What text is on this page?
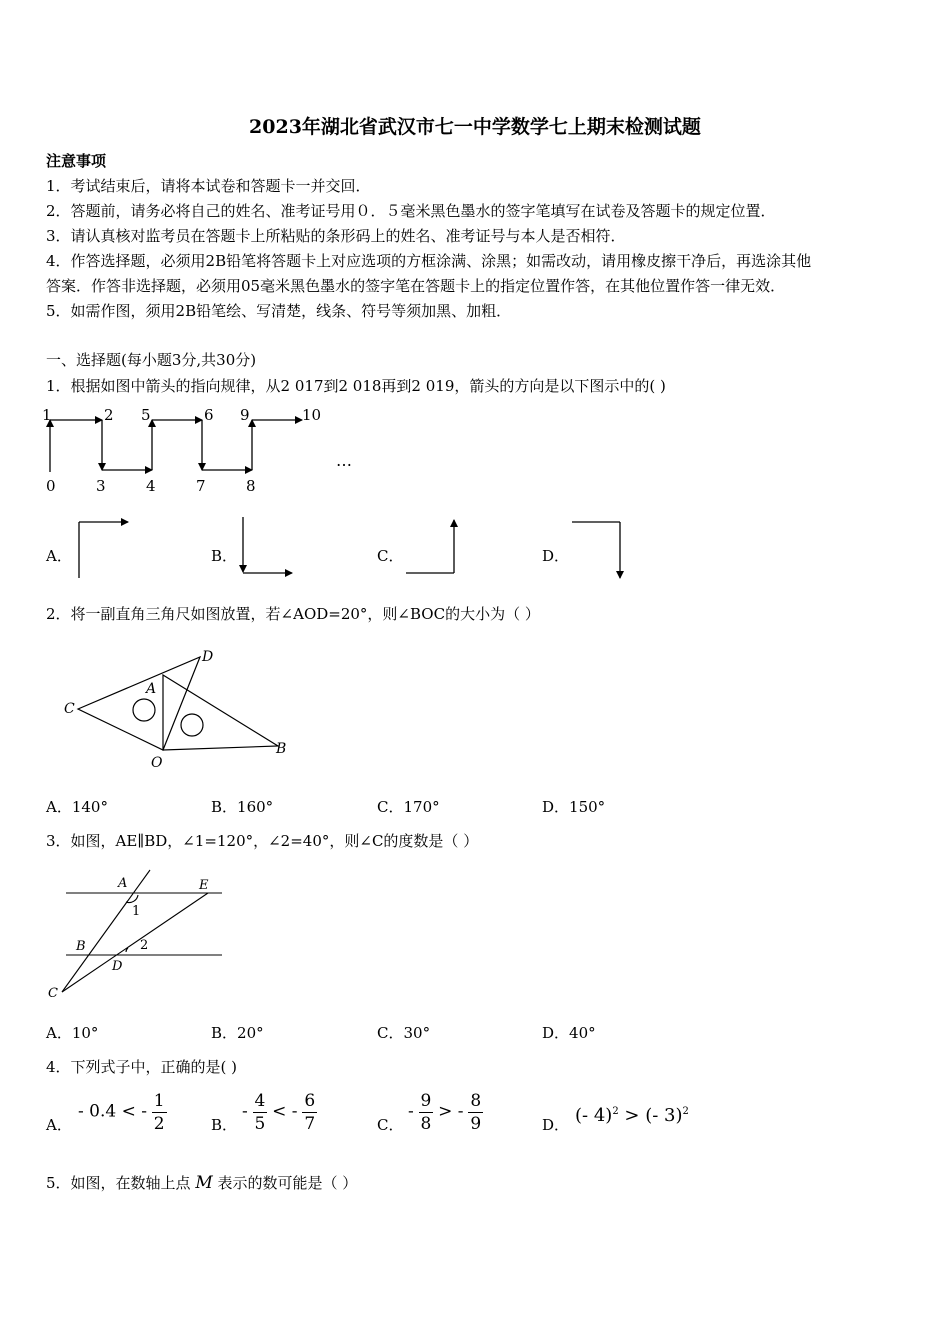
2023年湖北省武汉市七一中学数学七上期末检测试题
注意事项
1．考试结束后，请将本试卷和答题卡一并交回．
2．答题前，请务必将自己的姓名、准考证号用０．５毫米黑色墨水的签字笔填写在试卷及答题卡的规定位置．
3．请认真核对监考员在答题卡上所粘贴的条形码上的姓名、准考证号与本人是否相符．
4．作答选择题，必须用2B铅笔将答题卡上对应选项的方框涂满、涂黑；如需改动，请用橡皮擦干净后，再选涂其他
答案．作答非选择题，必须用05毫米黑色墨水的签字笔在答题卡上的指定位置作答，在其他位置作答一律无效．
5．如需作图，须用2B铅笔绘、写清楚，线条、符号等须加黑、加粗．
一、选择题(每小题3分,共30分)
1．根据如图中箭头的指向规律，从2 017到2 018再到2 019，箭头的方向是以下图示中的( )
1	2 5	6 9	10
0	3	4	7	8
…
A．	B．	C．	D．
2．将一副直角三角尺如图放置，若∠AOD=20°，则∠BOC的大小为（ ）
C
A
D
O
B
A．140°	B．160°	C．170°	D．150°
3．如图，AE∥BD，∠1=120°，∠2=40°，则∠C的度数是（ ）
A	E
1
B	2
D
C
A．10°	B．20°	C．30°	D．40°
4．下列式子中，正确的是( )
A．
- 0.4 < - $\frac{1}{2}$	B．
- $\frac{4}{5}$ < - $\frac{6}{7}$	C．
- $\frac{9}{8}$ > - $\frac{8}{9}$	D． (- 4)$^2$ > (- 3)$^2$
5．如图，在数轴上点 M 表示的数可能是（ ）
